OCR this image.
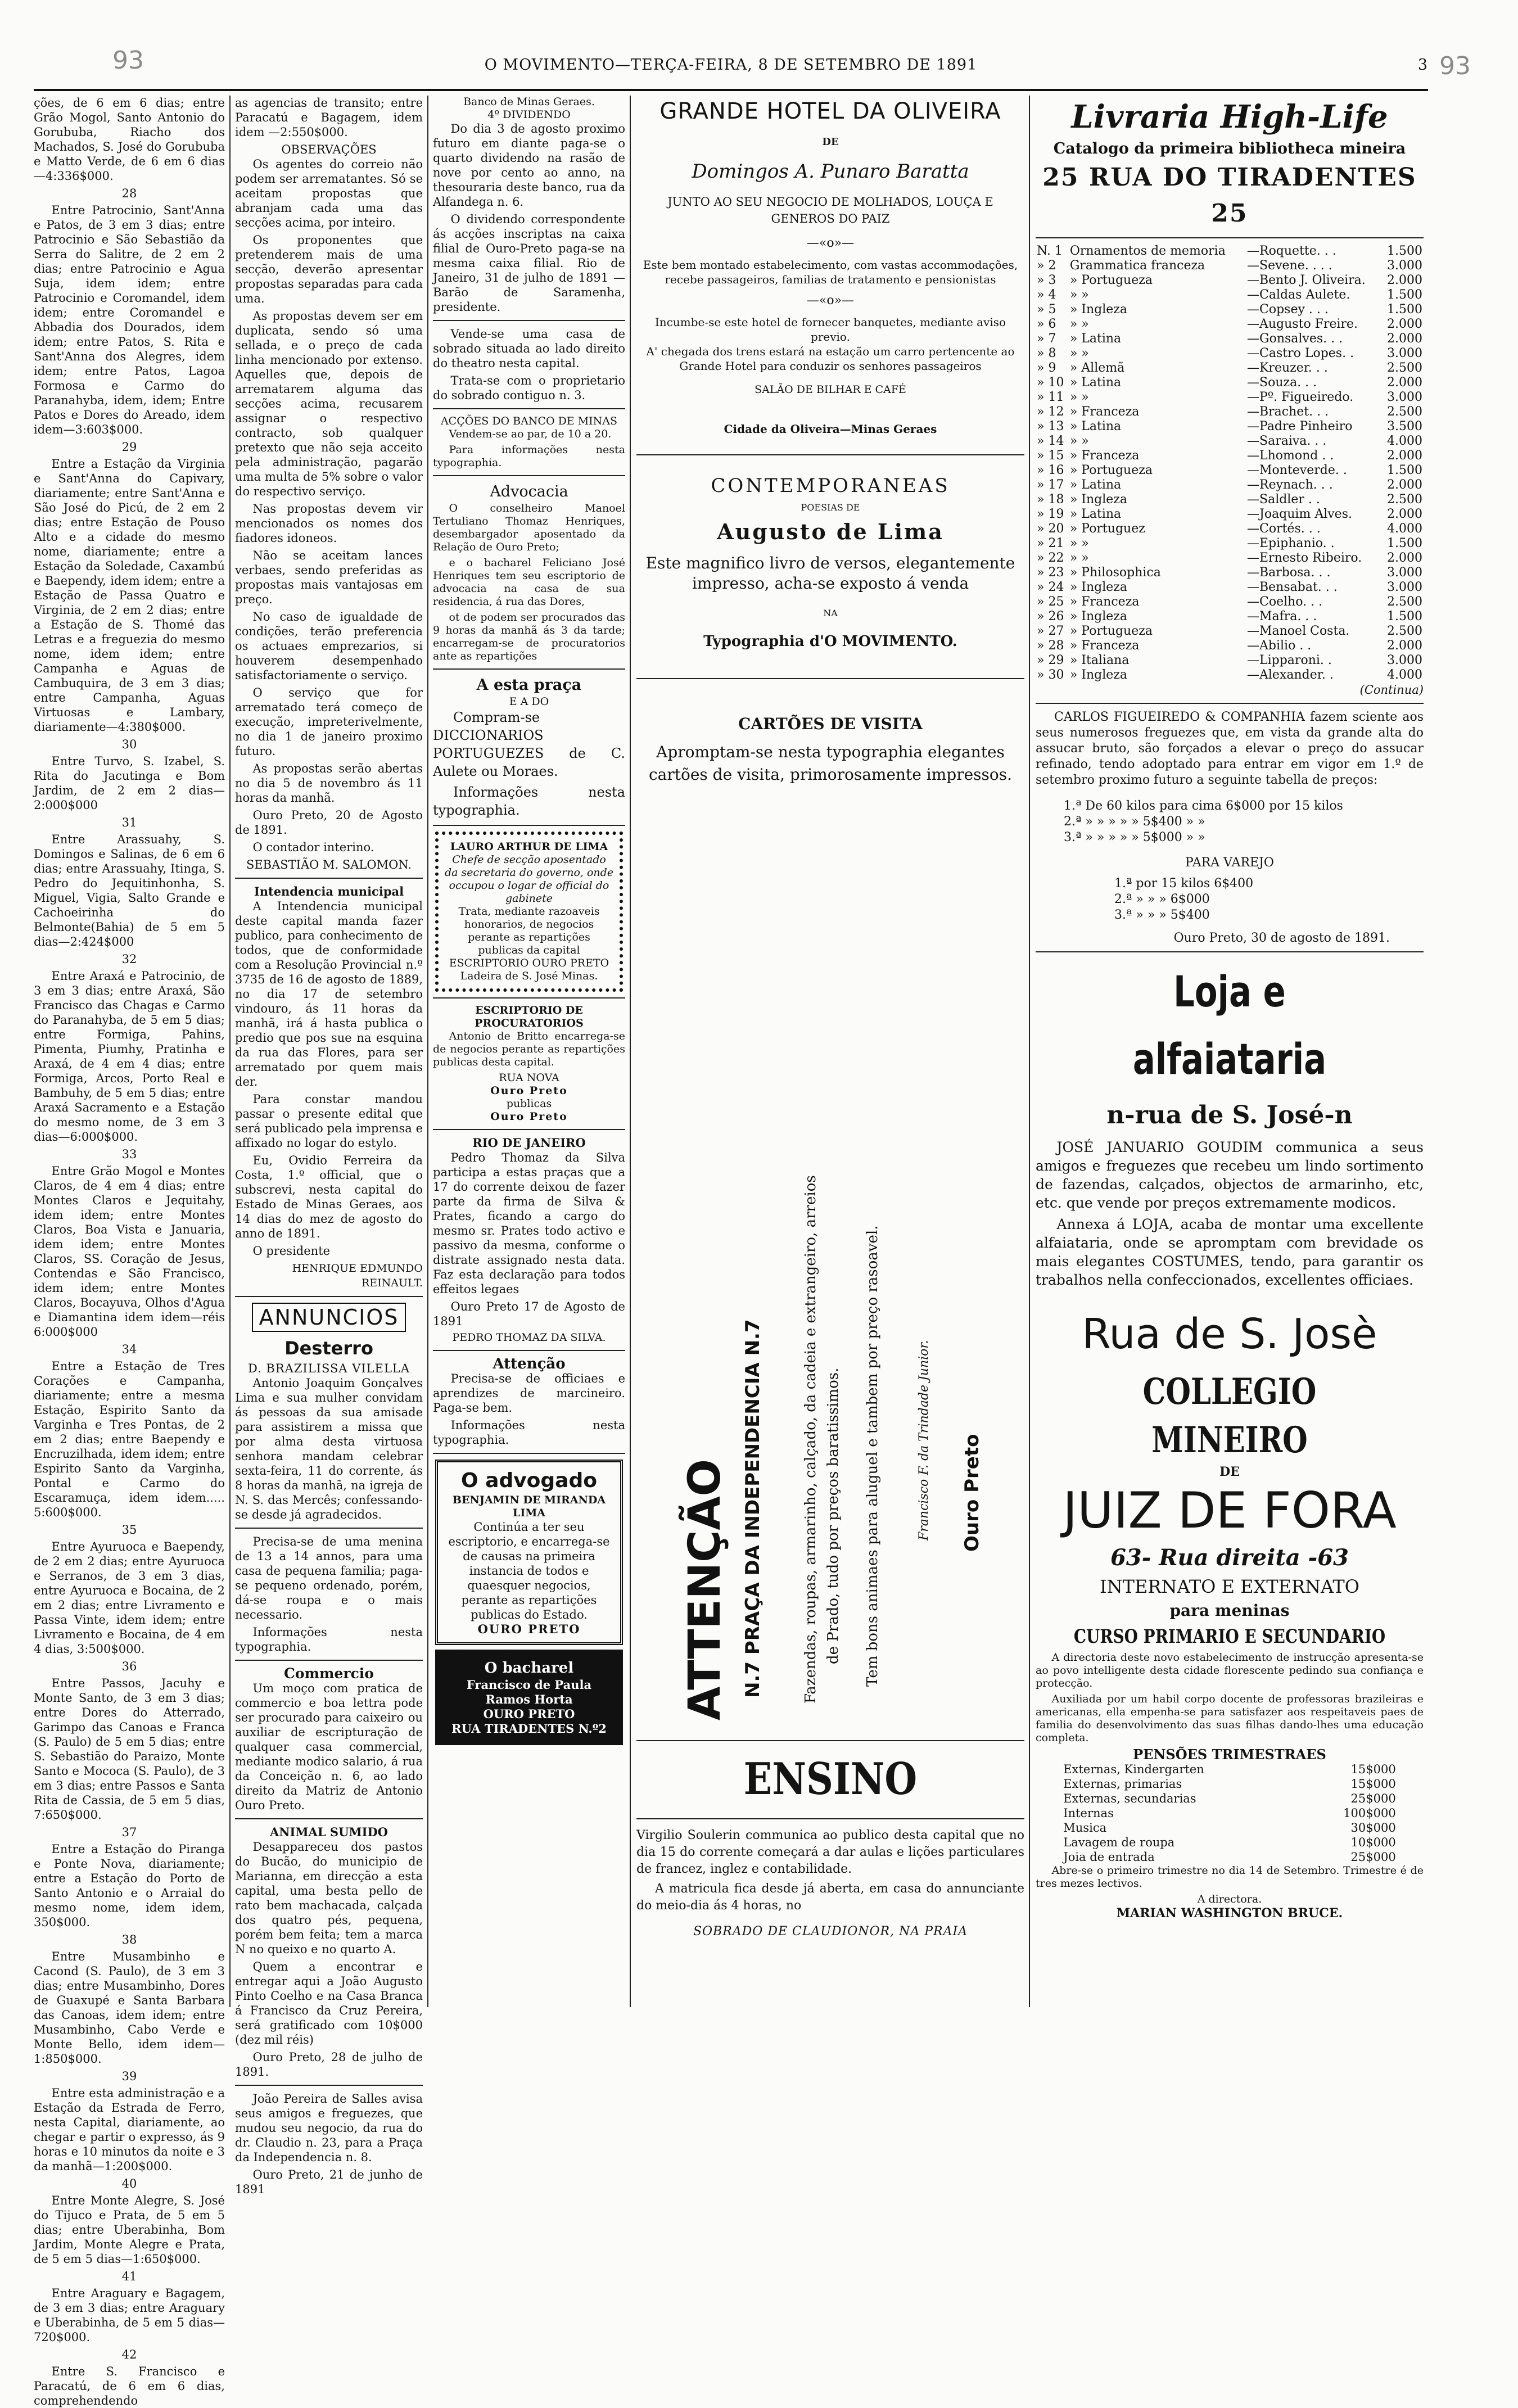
93	93
O MOVIMENTO—TERÇA-FEIRA, 8 DE SETEMBRO DE 1891	3

ções, de 6 em 6 dias; entre Grão Mogol, Santo Antonio do Gorububa, Riacho dos Machados, S. José do Gorububa e Matto Verde, de 6 em 6 dias—4:336$000.

28

Entre Patrocinio, Sant'Anna e Patos, de 3 em 3 dias; entre Patrocinio e São Sebastião da Serra do Salitre, de 2 em 2 dias; entre Patrocinio e Agua Suja, idem idem; entre Patrocinio e Coromandel, idem idem; entre Coromandel e Abbadia dos Dourados, idem idem; entre Patos, S. Rita e Sant'Anna dos Alegres, idem idem; entre Patos, Lagoa Formosa e Carmo do Paranahyba, idem, idem; Entre Patos e Dores do Areado, idem idem—3:603$000.

29

Entre a Estação da Virginia e Sant'Anna do Capivary, diariamente; entre Sant'Anna e São José do Picú, de 2 em 2 dias; entre Estação de Pouso Alto e a cidade do mesmo nome, diariamente; entre a Estação da Soledade, Caxambú e Baependy, idem idem; entre a Estação de Passa Quatro e Virginia, de 2 em 2 dias; entre a Estação de S. Thomé das Letras e a freguezia do mesmo nome, idem idem; entre Campanha e Aguas de Cambuquira, de 3 em 3 dias; entre Campanha, Aguas Virtuosas e Lambary, diariamente—4:380$000.

30

Entre Turvo, S. Izabel, S. Rita do Jacutinga e Bom Jardim, de 2 em 2 dias—2:000$000

31

Entre Arassuahy, S. Domingos e Salinas, de 6 em 6 dias; entre Arassuahy, Itinga, S. Pedro do Jequitinhonha, S. Miguel, Vigia, Salto Grande e Cachoeirinha do Belmonte(Bahia) de 5 em 5 dias—2:424$000

32

Entre Araxá e Patrocinio, de 3 em 3 dias; entre Araxá, São Francisco das Chagas e Carmo do Paranahyba, de 5 em 5 dias; entre Formiga, Pahins, Pimenta, Piumhy, Pratinha e Araxá, de 4 em 4 dias; entre Formiga, Arcos, Porto Real e Bambuhy, de 5 em 5 dias; entre Araxá Sacramento e a Estação do mesmo nome, de 3 em 3 dias—6:000$000.

33

Entre Grão Mogol e Montes Claros, de 4 em 4 dias; entre Montes Claros e Jequitahy, idem idem; entre Montes Claros, Boa Vista e Januaria, idem idem; entre Montes Claros, SS. Coração de Jesus, Contendas e São Francisco, idem idem; entre Montes Claros, Bocayuva, Olhos d'Agua e Diamantina idem idem—réis 6:000$000

34

Entre a Estação de Tres Corações e Campanha, diariamente; entre a mesma Estação, Espirito Santo da Varginha e Tres Pontas, de 2 em 2 dias; entre Baependy e Encruzilhada, idem idem; entre Espirito Santo da Varginha, Pontal e Carmo do Escaramuça, idem idem..... 5:600$000.

35

Entre Ayuruoca e Baependy, de 2 em 2 dias; entre Ayuruoca e Serranos, de 3 em 3 dias, entre Ayuruoca e Bocaina, de 2 em 2 dias; entre Livramento e Passa Vinte, idem idem; entre Livramento e Bocaina, de 4 em 4 dias, 3:500$000.

36

Entre Passos, Jacuhy e Monte Santo, de 3 em 3 dias; entre Dores do Atterrado, Garimpo das Canoas e Franca (S. Paulo) de 5 em 5 dias; entre S. Sebastião do Paraizo, Monte Santo e Mococa (S. Paulo), de 3 em 3 dias; entre Passos e Santa Rita de Cassia, de 5 em 5 dias, 7:650$000.

37

Entre a Estação do Piranga e Ponte Nova, diariamente; entre a Estação do Porto de Santo Antonio e o Arraial do mesmo nome, idem idem, 350$000.

38

Entre Musambinho e Cacond (S. Paulo), de 3 em 3 dias; entre Musambinho, Dores de Guaxupé e Santa Barbara das Canoas, idem idem; entre Musambinho, Cabo Verde e Monte Bello, idem idem—1:850$000.

39

Entre esta administração e a Estação da Estrada de Ferro, nesta Capital, diariamente, ao chegar e partir o expresso, ás 9 horas e 10 minutos da noite e 3 da manhã—1:200$000.

40

Entre Monte Alegre, S. José do Tijuco e Prata, de 5 em 5 dias; entre Uberabinha, Bom Jardim, Monte Alegre e Prata, de 5 em 5 dias—1:650$000.

41

Entre Araguary e Bagagem, de 3 em 3 dias; entre Araguary e Uberabinha, de 5 em 5 dias—720$000.

42

Entre S. Francisco e Paracatú, de 6 em 6 dias, comprehendendo

as agencias de transito; entre Paracatú e Bagagem, idem idem —2:550$000.

OBSERVAÇÕES

Os agentes do correio não podem ser arrematantes. Só se aceitam propostas que abranjam cada uma das secções acima, por inteiro.

Os proponentes que pretenderem mais de uma secção, deverão apresentar propostas separadas para cada uma.

As propostas devem ser em duplicata, sendo só uma sellada, e o preço de cada linha mencionado por extenso. Aquelles que, depois de arrematarem alguma das secções acima, recusarem assignar o respectivo contracto, sob qualquer pretexto que não seja acceito pela administração, pagarão uma multa de 5% sobre o valor do respectivo serviço.

Nas propostas devem vir mencionados os nomes dos fiadores idoneos.

Não se aceitam lances verbaes, sendo preferidas as propostas mais vantajosas em preço.

No caso de igualdade de condições, terão preferencia os actuaes emprezarios, si houverem desempenhado satisfactoriamente o serviço.

O serviço que for arrematado terá começo de execução, impreterivelmente, no dia 1 de janeiro proximo futuro.

As propostas serão abertas no dia 5 de novembro ás 11 horas da manhã.

Ouro Preto, 20 de Agosto de 1891.

O contador interino.

SEBASTIÃO M. SALOMON.
Intendencia municipal

A Intendencia municipal deste capital manda fazer publico, para conhecimento de todos, que de conformidade com a Resolução Provincial n.º 3735 de 16 de agosto de 1889, no dia 17 de setembro vindouro, ás 11 horas da manhã, irá á hasta publica o predio que pos sue na esquina da rua das Flores, para ser arrematado por quem mais der.

Para constar mandou passar o presente edital que será publicado pela imprensa e affixado no logar do estylo.

Eu, Ovidio Ferreira da Costa, 1.º official, que o subscrevi, nesta capital do Estado de Minas Geraes, aos 14 dias do mez de agosto do anno de 1891.

O presidente

HENRIQUE EDMUNDO REINAULT.
ANNUNCIOS
Desterro
D. BRAZILISSA VILELLA

Antonio Joaquim Gonçalves Lima e sua mulher convidam ás pessoas da sua amisade para assistirem a missa que por alma desta virtuosa senhora mandam celebrar sexta-feira, 11 do corrente, ás 8 horas da manhã, na igreja de N. S. das Mercês; confessando-se desde já agradecidos.

Precisa-se de uma menina de 13 a 14 annos, para uma casa de pequena familia; paga-se pequeno ordenado, porém, dá-se roupa e o mais necessario.

Informações nesta typographia.

Commercio

Um moço com pratica de commercio e boa lettra pode ser procurado para caixeiro ou auxiliar de escripturação de qualquer casa commercial, mediante modico salario, á rua da Conceição n. 6, ao lado direito da Matriz de Antonio Ouro Preto.

ANIMAL SUMIDO

Desappareceu dos pastos do Bucão, do municipio de Marianna, em direcção a esta capital, uma besta pello de rato bem machacada, calçada dos quatro pés, pequena, porém bem feita; tem a marca N no queixo e no quarto A.

Quem a encontrar e entregar aqui a João Augusto Pinto Coelho e na Casa Branca á Francisco da Cruz Pereira, será gratificado com 10$000 (dez mil réis)

Ouro Preto, 28 de julho de 1891.

João Pereira de Salles avisa seus amigos e freguezes, que mudou seu negocio, da rua do dr. Claudio n. 23, para a Praça da Independencia n. 8.

Ouro Preto, 21 de junho de 1891

Banco de Minas Geraes.
4º DIVIDENDO

Do dia 3 de agosto proximo futuro em diante paga-se o quarto dividendo na rasão de nove por cento ao anno, na thesouraria deste banco, rua da Alfandega n. 6.

O dividendo correspondente ás acções inscriptas na caixa filial de Ouro-Preto paga-se na mesma caixa filial. Rio de Janeiro, 31 de julho de 1891 —Barão de Saramenha, presidente.

Vende-se uma casa de sobrado situada ao lado direito do theatro nesta capital.

Trata-se com o proprietario do sobrado contiguo n. 3.

ACÇÕES DO BANCO DE MINAS

Vendem-se ao par, de 10 a 20.

Para informações nesta typographia.

Advocacia

O conselheiro Manoel Tertuliano Thomaz Henriques, desembargador aposentado da Relação de Ouro Preto;

e o bacharel Feliciano José Henriques tem seu escriptorio de advocacia na casa de sua residencia, á rua das Dores,

ot de podem ser procurados das 9 horas da manhã ás 3 da tarde; encarregam-se de procuratorios ante as repartições

A esta praça
E A DO

Compram-se DICCIONARIOS PORTUGUEZES de C. Aulete ou Moraes.

Informações nesta typographia.

LAURO ARTHUR DE LIMA
Chefe de secção aposentado da secretaria do governo, onde occupou o logar de official do gabinete
Trata, mediante razoaveis honorarios, de negocios perante as repartições publicas da capital
ESCRIPTORIO OURO PRETO
Ladeira de S. José Minas.
ESCRIPTORIO DE PROCURATORIOS

Antonio de Britto encarrega-se de negocios perante as repartições publicas desta capital.

RUA NOVA
Ouro Preto
publicas
Ouro Preto
RIO DE JANEIRO

Pedro Thomaz da Silva participa a estas praças que a 17 do corrente deixou de fazer parte da firma de Silva & Prates, ficando a cargo do mesmo sr. Prates todo activo e passivo da mesma, conforme o distrate assignado nesta data. Faz esta declaração para todos effeitos legaes

Ouro Preto 17 de Agosto de 1891

PEDRO THOMAZ DA SILVA.
Attenção

Precisa-se de officiaes e aprendizes de marcineiro. Paga-se bem.

Informações nesta typographia.

O advogado
BENJAMIN DE MIRANDA LIMA
Continúa a ter seu escriptorio, e encarrega-se de causas na primeira instancia de todos e quaesquer negocios, perante as repartições publicas do Estado.
OURO PRETO
O bacharel
Francisco de Paula
Ramos Horta
OURO PRETO
RUA TIRADENTES N.º2
GRANDE HOTEL DA OLIVEIRA
DE
Domingos A. Punaro Baratta
JUNTO AO SEU NEGOCIO DE MOLHADOS, LOUÇA E GENEROS DO PAIZ
—«o»—
Este bem montado estabelecimento, com vastas accommodações, recebe passageiros, familias de tratamento e pensionistas
—«o»—
Incumbe-se este hotel de fornecer banquetes, mediante aviso previo.
A' chegada dos trens estará na estação um carro pertencente ao Grande Hotel para conduzir os senhores passageiros
SALÃO DE BILHAR E CAFÉ
Cidade da Oliveira—Minas Geraes
CONTEMPORANEAS
POESIAS DE
Augusto de Lima
Este magnifico livro de versos, elegantemente impresso, acha-se exposto á venda
NA
Typographia d'O MOVIMENTO.
CARTÕES DE VISITA
Apromptam-se nesta typographia elegantes cartões de visita, primorosamente impressos.
ATTENÇÃO N.7 PRAÇA DA INDEPENDENCIA N.7	Fazendas, roupas, armarinho, calçado, da cadeia e extrangeiro, arreios de Prado, tudo por preços baratissimos. Tem bons animaes para aluguel e tambem por preço rasoavel.	Francisco F. da Trindade Junior. Ouro Preto
ENSINO

Virgilio Soulerin communica ao publico desta capital que no dia 15 do corrente começará a dar aulas e lições particulares de francez, inglez e contabilidade.

A matricula fica desde já aberta, em casa do annunciante do meio-dia ás 4 horas, no

SOBRADO DE CLAUDIONOR, NA PRAIA
Livraria High-Life
Catalogo da primeira bibliotheca mineira
25 RUA DO TIRADENTES 25
N. 1	Ornamentos de memoria	—Roquette. . .	1.500
» 2	Grammatica franceza	—Sevene. . . .	3.000
» 3	» Portugueza	—Bento J. Oliveira.	2.000
» 4	» »	—Caldas Aulete.	1.500
» 5	» Ingleza	—Copsey . . .	1.500
» 6	» »	—Augusto Freire.	2.000
» 7	» Latina	—Gonsalves. . .	2.000
» 8	» »	—Castro Lopes. .	3.000
» 9	» Allemã	—Kreuzer. . .	2.500
» 10	» Latina	—Souza. . .	2.000
» 11	» »	—Pº. Figueiredo.	3.000
» 12	» Franceza	—Brachet. . .	2.500
» 13	» Latina	—Padre Pinheiro	3.500
» 14	» »	—Saraiva. . .	4.000
» 15	» Franceza	—Lhomond . .	2.000
» 16	» Portugueza	—Monteverde. .	1.500
» 17	» Latina	—Reynach. . .	2.000
» 18	» Ingleza	—Saldler . .	2.500
» 19	» Latina	—Joaquim Alves.	2.000
» 20	» Portuguez	—Cortés. . .	4.000
» 21	» »	—Epiphanio. .	1.500
» 22	» »	—Ernesto Ribeiro.	2.000
» 23	» Philosophica	—Barbosa. . .	3.000
» 24	» Ingleza	—Bensabat. . .	3.000
» 25	» Franceza	—Coelho. . .	2.500
» 26	» Ingleza	—Mafra. . .	1.500
» 27	» Portugueza	—Manoel Costa.	2.500
» 28	» Franceza	—Abilio . .	2.000
» 29	» Italiana	—Lipparoni. .	3.000
» 30	» Ingleza	—Alexander. .	4.000
(Continua)

CARLOS FIGUEIREDO & COMPANHIA fazem sciente aos seus numerosos freguezes que, em vista da grande alta do assucar bruto, são forçados a elevar o preço do assucar refinado, tendo adoptado para entrar em vigor em 1.º de setembro proximo futuro a seguinte tabella de preços:

1.ª De 60 kilos para cima 6$000 por 15 kilos
2.ª » » » » » 5$400 » »
3.ª » » » » » 5$000 » »
PARA VAREJO
1.ª por 15 kilos 6$400
2.ª » » » 6$000
3.ª » » » 5$400
Ouro Preto, 30 de agosto de 1891.
Loja e alfaiataria
n-rua de S. José-n

JOSÉ JANUARIO GOUDIM communica a seus amigos e freguezes que recebeu um lindo sortimento de fazendas, calçados, objectos de armarinho, etc, etc. que vende por preços extremamente modicos.

Annexa á LOJA, acaba de montar uma excellente alfaiataria, onde se apromptam com brevidade os mais elegantes COSTUMES, tendo, para garantir os trabalhos nella confeccionados, excellentes officiaes.

Rua de S. Josè
COLLEGIO MINEIRO
DE
JUIZ DE FORA
63- Rua direita -63
INTERNATO E EXTERNATO
para meninas
CURSO PRIMARIO E SECUNDARIO

A directoria deste novo estabelecimento de instrucção apresenta-se ao povo intelligente desta cidade florescente pedindo sua confiança e protecção.

Auxiliada por um habil corpo docente de professoras brazileiras e americanas, ella empenha-se para satisfazer aos respeitaveis paes de familia do desenvolvimento das suas filhas dando-lhes uma educação completa.

PENSÕES TRIMESTRAES
Externas, Kindergarten	15$000
Externas, primarias	15$000
Externas, secundarias	25$000
Internas	100$000
Musica	30$000
Lavagem de roupa	10$000
Joia de entrada	25$000

Abre-se o primeiro trimestre no dia 14 de Setembro. Trimestre é de tres mezes lectivos.

A directora.
MARIAN WASHINGTON BRUCE.
